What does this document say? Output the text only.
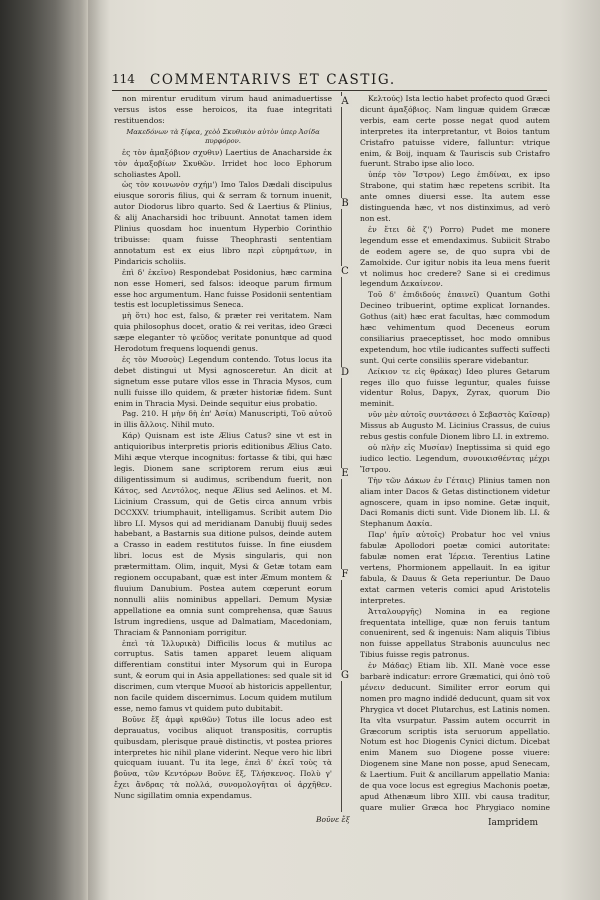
114 COMMENTARIVS ET CASTIG.

non mirentur eruditum virum haud animaduertisse versus istos esse heroicos, ita fuae integritati restituendos:

Μακεδόνων τὰ ξίφεα, χεὸὁ Σκυθικὸν αὐτὸν ὑπερ Ἀσίδα πυρφόρον.

ἐς τὸν ἀμαξόβιον σχυθιν) Laertius de Anacharside ἐκ τὸν ἀμαξοβίων Σκυθῶν. Irridet hoc loco Ephorum scholiastes Apoll.

ὡς τὸν κοινωνὸν σχήμ') Imo Talos Dædali discipulus eiusque sororis filius, qui & serram & tornum inuenit, autor Diodorus libro quarto. Sed & Laertius & Plinius, & alij Anacharsidi hoc tribuunt. Annotat tamen idem Plinius quosdam hoc inuentum Hyperbio Corinthio tribuisse: quam fuisse Theophrasti sententiam annotatum est ex eius libro περὶ εὑρημάτων, in Pindaricis scholiis.

ἐπὶ δ' ἐκεῖνο) Respondebat Posidonius, hæc carmina non esse Homeri, sed falsos: ideoque parum firmum esse hoc argumentum. Hanc fuisse Posidonii sententiam testis est locupletissimus Seneca.

μὴ ὅτι) hoc est, falso, & præter rei veritatem. Nam quia philosophus docet, oratio & rei veritas, ideo Græci sæpe eleganter τὸ ψεῦδος veritate ponuntque ad quod Herodotum frequens loquendi genus.

ἐς τὸν Μυσοὺς) Legendum contendo. Totus locus ita debet distingui ut Mysi agnosceretur. An dicit at signetum esse putare vllos esse in Thracia Mysos, cum nulli fuisse illo quidem, & præter historiæ fidem. Sunt enim in Thracia Mysi. Deinde sequitur eius probatio.

Pag. 210. Η μὴν δὴ ἐπ' Ἀσία) Manuscripti, Τοῦ αὐτοῦ in illis ἄλλοις. Nihil muto.

Κάρ) Quisnam est iste Ælius Catus? sine vt est in antiquioribus interpretis prioris editionibus Ælius Cato. Mihi æque vterque incognitus: fortasse & tibi, qui hæc legis. Dionem sane scriptorem rerum eius æui diligentissimum si audimus, scribendum fuerit, non Κάτος, sed Λεντόλος, neque Ælius sed Aelinos. et M. Licinium Crassum, qui de Getis circa annum vrbis DCCXXV. triumphauit, intelligamus. Scribit autem Dio libro LI. Mysos qui ad meridianam Danubij fluuij sedes habebant, a Bastarnis sua ditione pulsos, deinde autem a Crasso in eadem restitutos fuisse. In fine eiusdem libri. locus est de Mysis singularis, qui non prætermittam. Olim, inquit, Mysi & Getæ totam eam regionem occupabant, quæ est inter Æmum montem & fluuium Danubium. Postea autem cœperunt eorum nonnulli aliis nominibus appellari. Demum Mysiæ appellatione ea omnia sunt comprehensa, quæ Sauus Istrum ingrediens, usque ad Dalmatiam, Macedoniam, Thraciam & Pannoniam porrigitur.

ἐπεὶ τὰ Ἰλλυρικὰ) Difficilis locus & mutilus ac corruptus. Satis tamen apparet leuem aliquam differentiam constitui inter Mysorum qui in Europa sunt, & eorum qui in Asia appellationes: sed quale sit id discrimen, cum vterque Μυσοί ab historicis appellentur, non facile quidem discernimus. Locum quidem mutilum esse, nemo famus vt quidem puto dubitabit.

Βοῦνε ἔξ ἀμφὶ κριθῶν) Totus ille locus adeo est deprauatus, vocibus aliquot transpositis, corruptis quibusdam, plerisque prauè distinctis, vt postea priores interpretes hic nihil plane viderint. Neque vero hic libri quicquam iuuant. Tu ita lege, ἐπεὶ δ' ἐκεῖ τοὺς τὰ βοῦνα, τῶν Κεντόρων Βοῦνε ἔξ, Τλήσκενος. Πολὺ γ' ἔχει ἄνδρας τὰ πολλά, συνομολογῆται οἱ ἀρχῆθεν. Nunc sigillatim omnia expendamus.

A
B
C
D
E
F
G

Κελτούς) Ista lectio habet profecto quod Græci dicunt ἀμαξόβιος. Nam linguæ quidem Græcæ verbis, eam certe posse negat quod autem interpretes ita interpretantur, vt Boios tantum Cristafro patuisse videre, falluntur: vtrique enim, & Boij, inquam & Tauriscis sub Cristafro fuerunt. Strabo ipse alio loco.

ὑπέρ τὸν Ἴστρον) Lego ἐπιδίναι, ex ipso Strabone, qui statim hæc repetens scribit. Ita ante omnes diuersi esse. Ita autem esse distinguenda hæc, vt nos distinximus, ad verò non est.

ἐν ἔτει δὲ ζ') Porro) Pudet me monere legendum esse et emendaximus. Subiicit Strabo de eodem agere se, de quo supra vbi de Zamolxide. Cur igitur nobis ita leua mens fuerit vt nolimus hoc credere? Sane si ei credimus legendum Δεκαίνεον.

Τοῦ δ' ἐπιδιδούς ἐπαινεῖ) Quantum Gothi Decineo tribuerint, optime explicat Iornandes. Gothus (ait) hæc erat facultas, hæc commodum hæc vehimentum quod Deceneus eorum consiliarius praeceptisset, hoc modo omnibus expetendum, hoc vtile iudicantes suffecti suffecti sunt. Qui certe consiliis sperare videbantur.

Λείκιον τε εἰς θράκας) Ideo plures Getarum reges illo quo fuisse leguntur, quales fuisse videntur Rolus, Dapyx, Zyrax, quorum Dio meminit.

νῦν μὲν αὐτοῖς συντάσσει ὁ Σεβαστὸς Καῖσαρ) Missus ab Augusto M. Licinius Crassus, de cuius rebus gestis confule Dionem libro LI. in extremo.

οὐ πλὴν εἰς Μυσίαν) Ineptissima si quid ego iudico lectio. Legendum, συνοικισθέντας μέχρι Ἴστρου.

Τὴν τῶν Δάκων ἐν Γέταις) Plinius tamen non aliam inter Dacos & Getas distinctionem videtur agnoscere, quam in ipso nomine. Getæ inquit, Daci Romanis dicti sunt. Vide Dionem lib. LI. & Stephanum Δακία.

Παρ' ἡμῖν αὐτοῖς) Probatur hoc vel vnius fabulæ Apollodori poetæ comici autoritate: fabulæ nomen erat Ἱέρεια. Terentius Latine vertens, Phormionem appellauit. In ea igitur fabula, & Dauus & Geta reperiuntur. De Dauo extat carmen veteris comici apud Aristotelis interpretes.

Ἀτταλουργῆς) Nomina in ea regione frequentata intellige, quæ non feruis tantum conuenirent, sed & ingenuis: Nam aliquis Tibius non fuisse appellatus Strabonis auunculus nec Tibius fuisse regis patronus.

ἐν Μάδας) Etiam lib. XII. Manè voce esse barbarè indicatur: errore Græmatici, qui ὀπὸ τοῦ μένειν deducunt. Similiter error eorum qui nomen pro magno indidé deducunt, quam sit vox Phrygica vt docet Plutarchus, est Latinis nomen. Ita vlta vsurpatur. Passim autem occurrit in Græcorum scriptis ista seruorum appellatio. Notum est hoc Diogenis Cynici dictum. Dicebat enim Manem suo Diogene posse viuere: Diogenem sine Mane non posse, apud Senecam, & Laertium. Fuit & ancillarum appellatio Mania: de qua voce locus est egregius Machonis poetæ, apud Athenæum libro XIII. vbi causa traditur, quare mulier Græca hoc Phrygiaco nomine

Βοῦνε ἔξ	Iampridem
